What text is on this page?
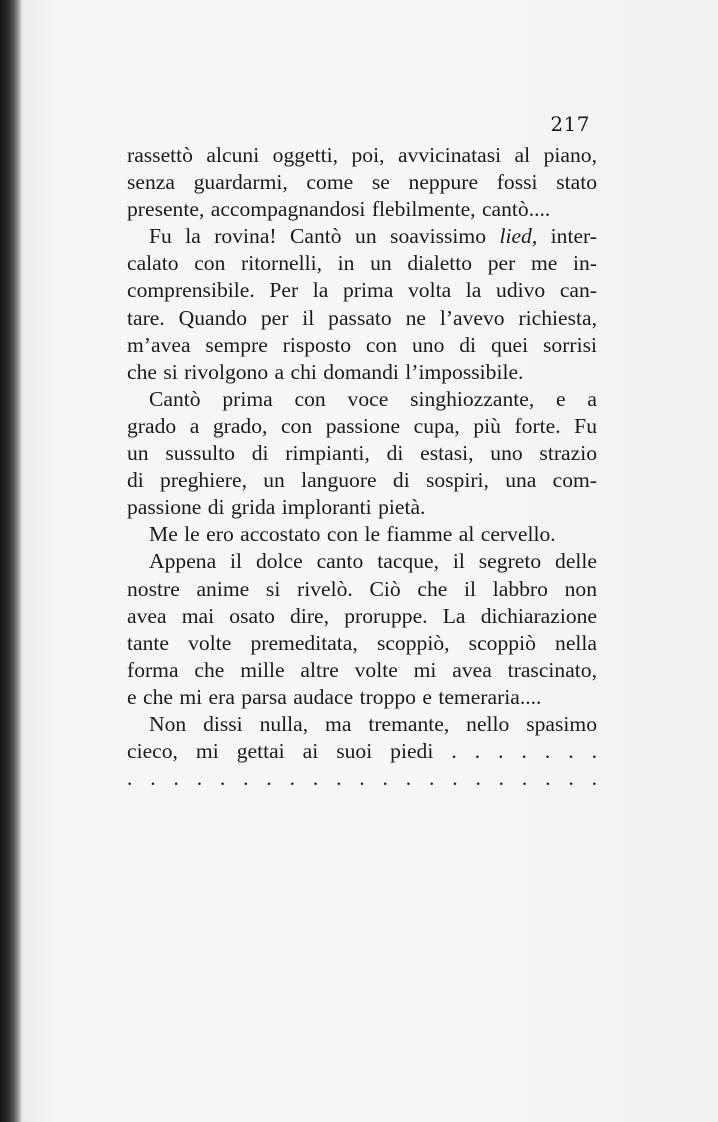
217
rassettò alcuni oggetti, poi, avvicinatasi al piano,
senza guardarmi, come se neppure fossi stato
presente, accompagnandosi flebilmente, cantò....
Fu la rovina! Cantò un soavissimo lied, inter-
calato con ritornelli, in un dialetto per me in-
comprensibile. Per la prima volta la udivo can-
tare. Quando per il passato ne l’avevo richiesta,
m’avea sempre risposto con uno di quei sorrisi
che si rivolgono a chi domandi l’impossibile.
Cantò prima con voce singhiozzante, e a
grado a grado, con passione cupa, più forte. Fu
un sussulto di rimpianti, di estasi, uno strazio
di preghiere, un languore di sospiri, una com-
passione di grida imploranti pietà.
Me le ero accostato con le fiamme al cervello.
Appena il dolce canto tacque, il segreto delle
nostre anime si rivelò. Ciò che il labbro non
avea mai osato dire, proruppe. La dichiarazione
tante volte premeditata, scoppiò, scoppiò nella
forma che mille altre volte mi avea trascinato,
e che mi era parsa audace troppo e temeraria....
Non dissi nulla, ma tremante, nello spasimo
cieco, mi gettai ai suoi piedi . . . . . . .
. . . . . . . . . . . . . . . . . . . . .
